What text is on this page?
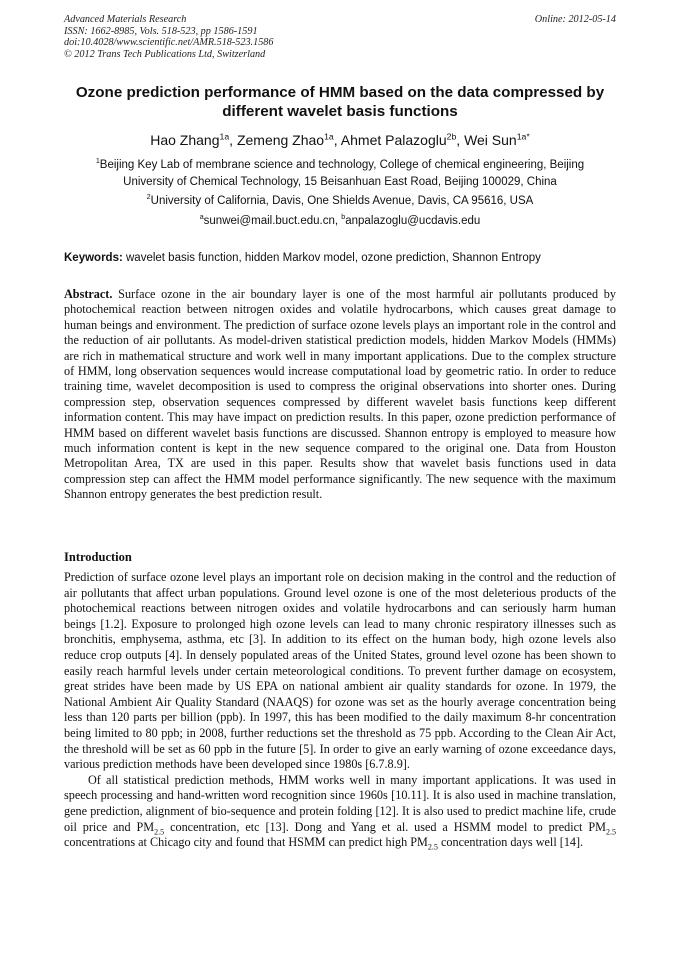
Advanced Materials Research
ISSN: 1662-8985, Vols. 518-523, pp 1586-1591
doi:10.4028/www.scientific.net/AMR.518-523.1586
© 2012 Trans Tech Publications Ltd, Switzerland
Online: 2012-05-14
Ozone prediction performance of HMM based on the data compressed by
different wavelet basis functions
Hao Zhang$^{1a}$, Zemeng Zhao$^{1a}$, Ahmet Palazoglu$^{2b}$, Wei Sun$^{1a*}$
$^1$Beijing Key Lab of membrane science and technology, College of chemical engineering, Beijing
University of Chemical Technology, 15 Beisanhuan East Road, Beijing 100029, China
$^2$University of California, Davis, One Shields Avenue, Davis, CA 95616, USA
$^a$sunwei@mail.buct.edu.cn, $^b$anpalazoglu@ucdavis.edu
Keywords: wavelet basis function, hidden Markov model, ozone prediction, Shannon Entropy
Abstract. Surface ozone in the air boundary layer is one of the most harmful air pollutants produced by photochemical reaction between nitrogen oxides and volatile hydrocarbons, which causes great damage to human beings and environment. The prediction of surface ozone levels plays an important role in the control and the reduction of air pollutants. As model-driven statistical prediction models, hidden Markov Models (HMMs) are rich in mathematical structure and work well in many important applications. Due to the complex structure of HMM, long observation sequences would increase computational load by geometric ratio. In order to reduce training time, wavelet decomposition is used to compress the original observations into shorter ones. During compression step, observation sequences compressed by different wavelet basis functions keep different information content. This may have impact on prediction results. In this paper, ozone prediction performance of HMM based on different wavelet basis functions are discussed. Shannon entropy is employed to measure how much information content is kept in the new sequence compared to the original one. Data from Houston Metropolitan Area, TX are used in this paper. Results show that wavelet basis functions used in data compression step can affect the HMM model performance significantly. The new sequence with the maximum Shannon entropy generates the best prediction result.
Introduction

Prediction of surface ozone level plays an important role on decision making in the control and the reduction of air pollutants that affect urban populations. Ground level ozone is one of the most deleterious products of the photochemical reactions between nitrogen oxides and volatile hydrocarbons and can seriously harm human beings [1.2]. Exposure to prolonged high ozone levels can lead to many chronic respiratory illnesses such as bronchitis, emphysema, asthma, etc [3]. In addition to its effect on the human body, high ozone levels also reduce crop outputs [4]. In densely populated areas of the United States, ground level ozone has been shown to easily reach harmful levels under certain meteorological conditions. To prevent further damage on ecosystem, great strides have been made by US EPA on national ambient air quality standards for ozone. In 1979, the National Ambient Air Quality Standard (NAAQS) for ozone was set as the hourly average concentration being less than 120 parts per billion (ppb). In 1997, this has been modified to the daily maximum 8-hr concentration being limited to 80 ppb; in 2008, further reductions set the threshold as 75 ppb. According to the Clean Air Act, the threshold will be set as 60 ppb in the future [5]. In order to give an early warning of ozone exceedance days, various prediction methods have been developed since 1980s [6.7.8.9].

Of all statistical prediction methods, HMM works well in many important applications. It was used in speech processing and hand-written word recognition since 1960s [10.11]. It is also used in machine translation, gene prediction, alignment of bio-sequence and protein folding [12]. It is also used to predict machine life, crude oil price and $PM_{2.5}$ concentration, etc [13]. Dong and Yang et al. used a HSMM model to predict $PM_{2.5}$ concentrations at Chicago city and found that HSMM can predict high $PM_{2.5}$ concentration days well [14].
